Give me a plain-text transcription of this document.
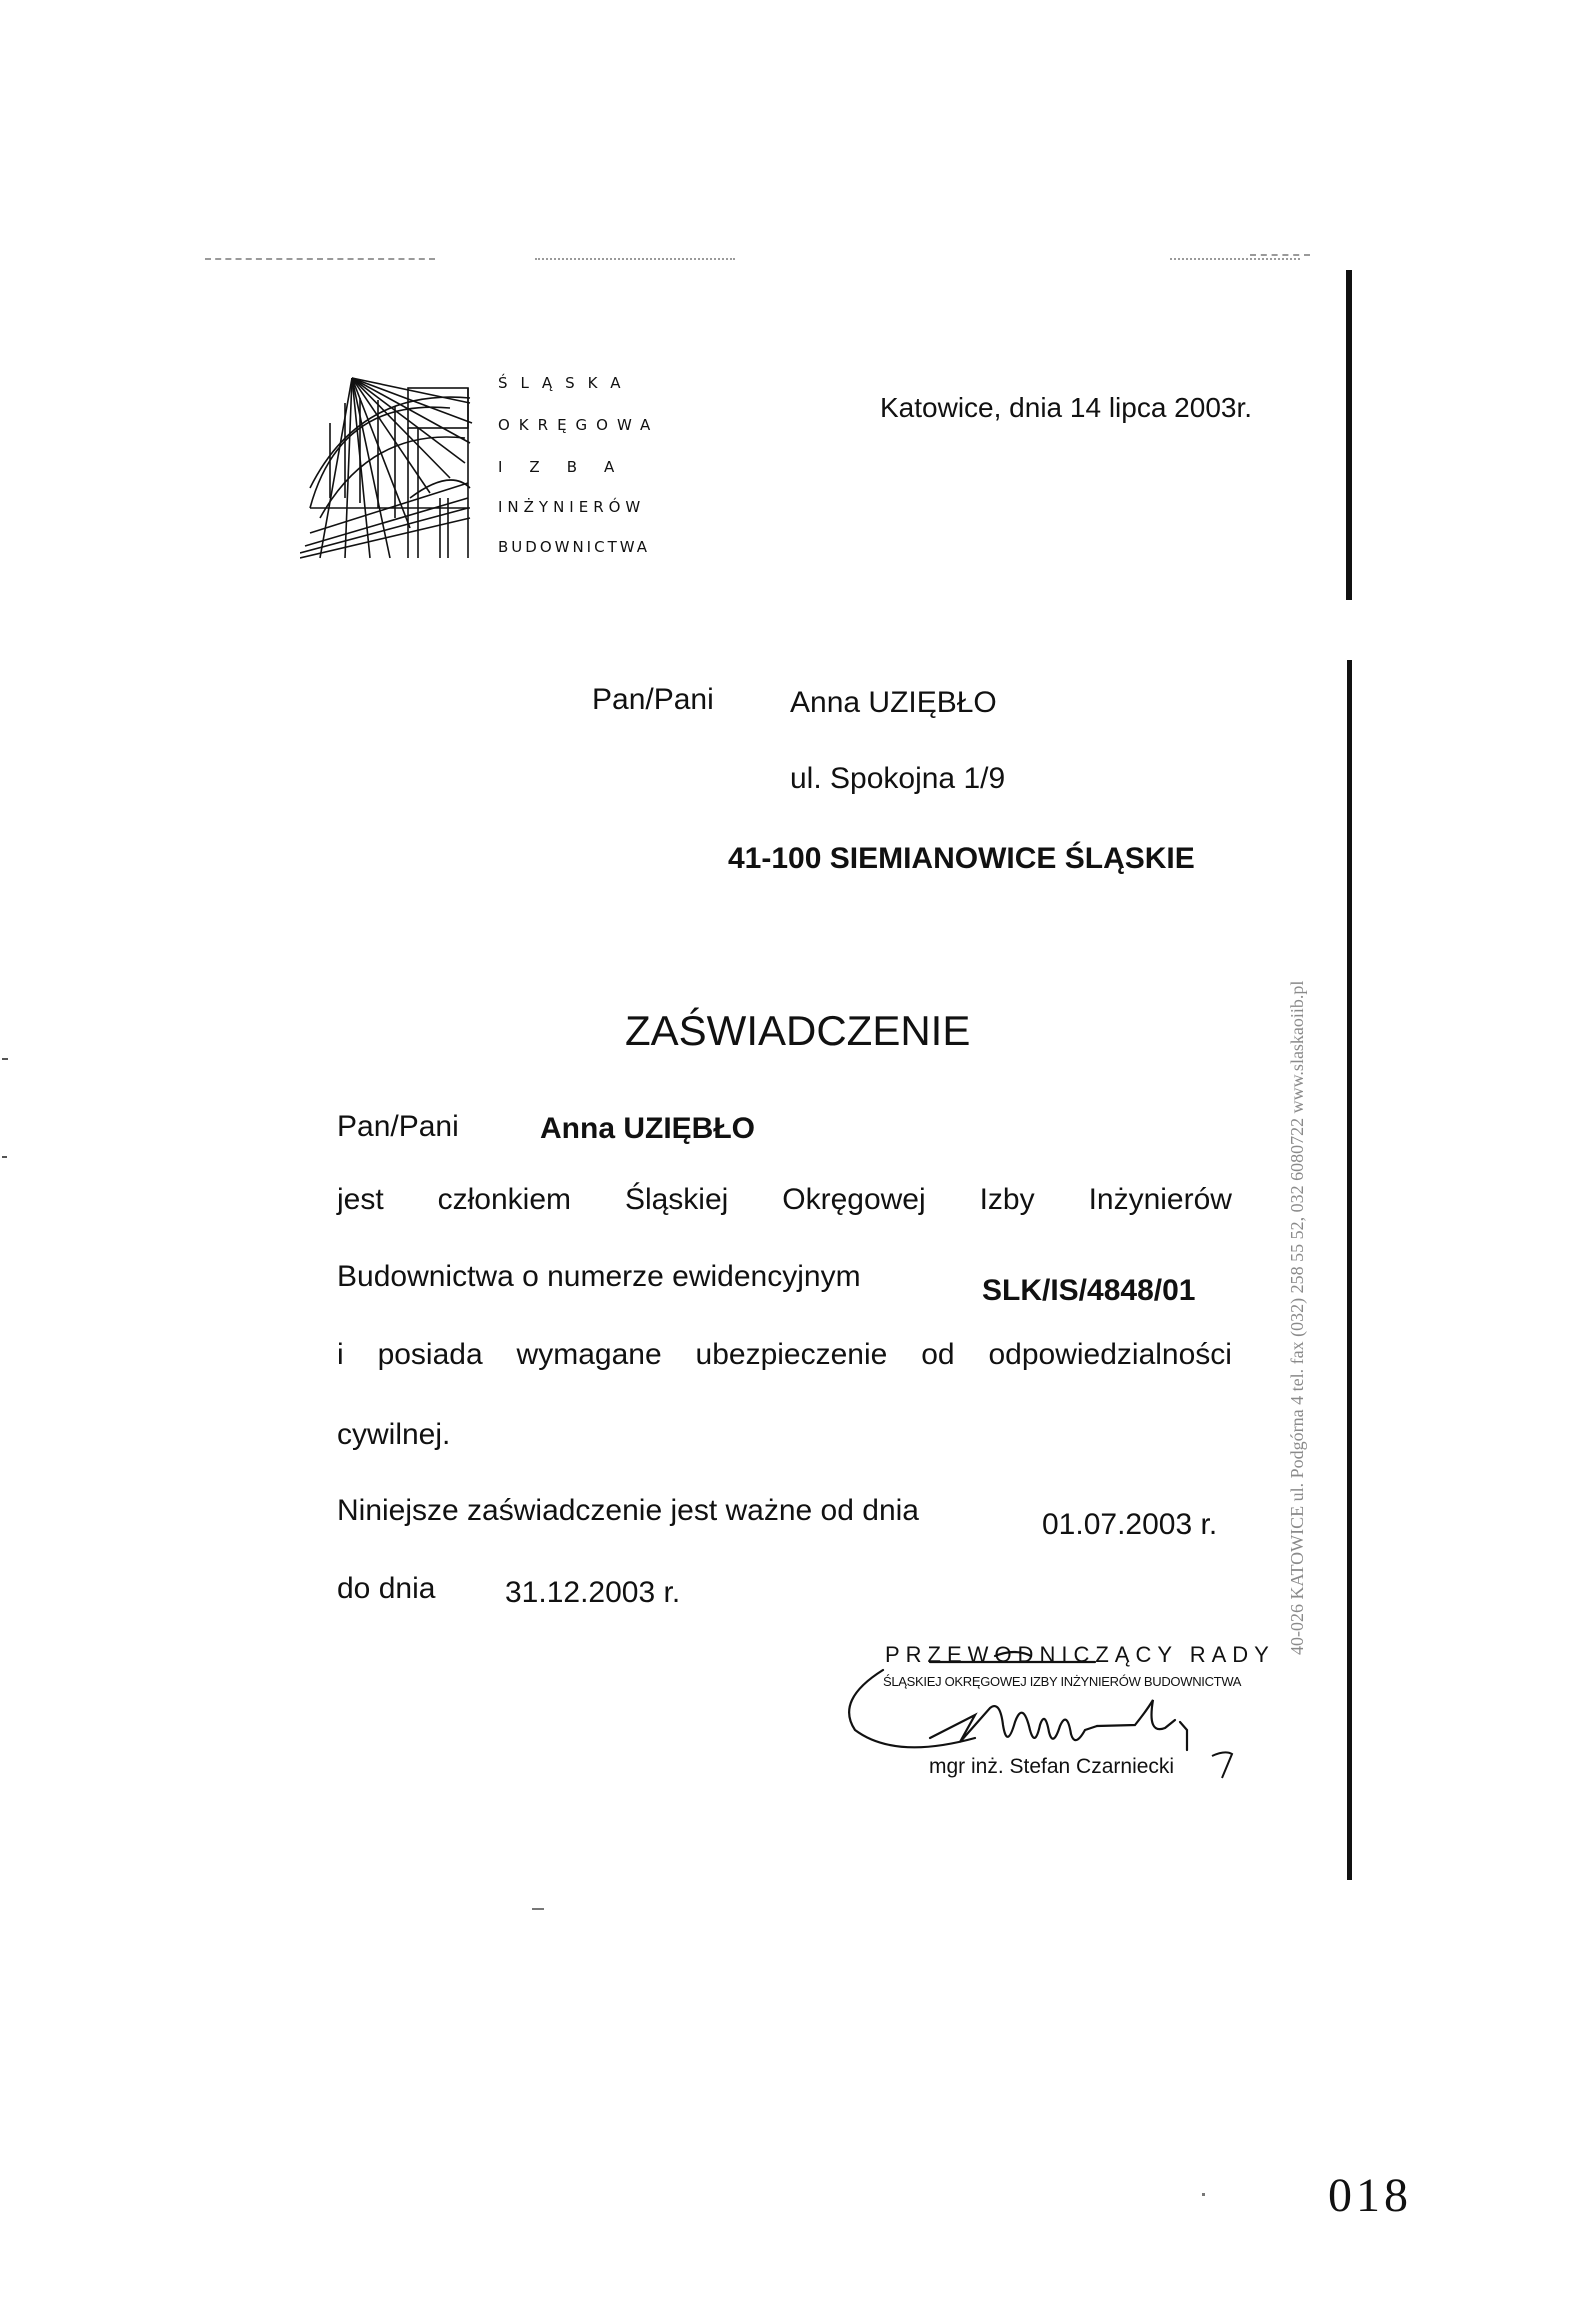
40-026 KATOWICE ul. Podgórna 4 tel. fax (032) 258 55 52, 032 6080722 www.slaskaoiib.pl
ŚLĄSKA
OKRĘGOWA
IZBA
INŻYNIERÓW
BUDOWNICTWA
Katowice, dnia 14 lipca 2003r.
Pan/Pani	Anna UZIĘBŁO
ul. Spokojna 1/9
41-100 SIEMIANOWICE ŚLĄSKIE
ZAŚWIADCZENIE
Pan/Pani	Anna UZIĘBŁO
jest członkiem Śląskiej Okręgowej Izby Inżynierów
Budownictwa o numerze ewidencyjnym	SLK/IS/4848/01
i posiada wymagane ubezpieczenie od odpowiedzialności
cywilnej.
Niniejsze zaświadczenie jest ważne od dnia	01.07.2003 r.
do dnia 31.12.2003 r.
PRZEWODNICZĄCY RADY
ŚLĄSKIEJ OKRĘGOWEJ IZBY INŻYNIERÓW BUDOWNICTWA
mgr inż. Stefan Czarniecki
018
